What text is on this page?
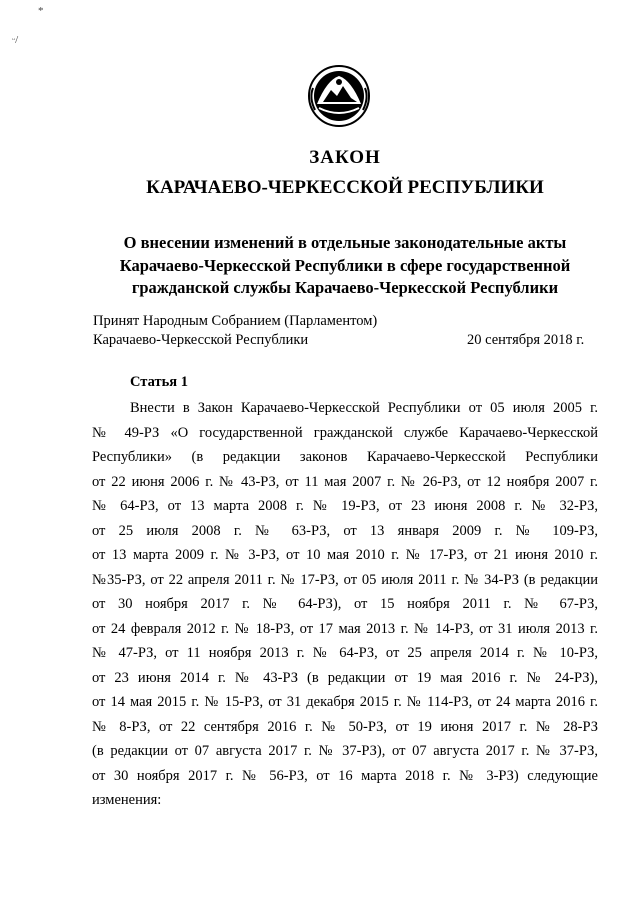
*
ᵕ/
ЗАКОН
КАРАЧАЕВО-ЧЕРКЕССКОЙ РЕСПУБЛИКИ
О внесении изменений в отдельные законодательные акты
Карачаево-Черкесской Республики в сфере государственной
гражданской службы Карачаево-Черкесской Республики
Принят Народным Собранием (Парламентом)
Карачаево-Черкесской Республики	20 сентября 2018 г.
Статья 1
Внести в Закон Карачаево-Черкесской Республики от 05 июля 2005 г.
№ 49-РЗ «О государственной гражданской службе Карачаево-Черкесской
Республики» (в редакции законов Карачаево-Черкесской Республики
от 22 июня 2006 г. № 43-РЗ, от 11 мая 2007 г. № 26-РЗ, от 12 ноября 2007 г.
№ 64-РЗ, от 13 марта 2008 г. № 19-РЗ, от 23 июня 2008 г. № 32-РЗ,
от 25 июля 2008 г. № 63-РЗ, от 13 января 2009 г. № 109-РЗ,
от 13 марта 2009 г. № 3-РЗ, от 10 мая 2010 г. № 17-РЗ, от 21 июня 2010 г.
№35-РЗ, от 22 апреля 2011 г. № 17-РЗ, от 05 июля 2011 г. № 34-РЗ (в редакции
от 30 ноября 2017 г. № 64-РЗ), от 15 ноября 2011 г. № 67-РЗ,
от 24 февраля 2012 г. № 18-РЗ, от 17 мая 2013 г. № 14-РЗ, от 31 июля 2013 г.
№ 47-РЗ, от 11 ноября 2013 г. № 64-РЗ, от 25 апреля 2014 г. № 10-РЗ,
от 23 июня 2014 г. № 43-РЗ (в редакции от 19 мая 2016 г. № 24-РЗ),
от 14 мая 2015 г. № 15-РЗ, от 31 декабря 2015 г. № 114-РЗ, от 24 марта 2016 г.
№ 8-РЗ, от 22 сентября 2016 г. № 50-РЗ, от 19 июня 2017 г. № 28-РЗ
(в редакции от 07 августа 2017 г. № 37-РЗ), от 07 августа 2017 г. № 37-РЗ,
от 30 ноября 2017 г. № 56-РЗ, от 16 марта 2018 г. № 3-РЗ) следующие
изменения:
